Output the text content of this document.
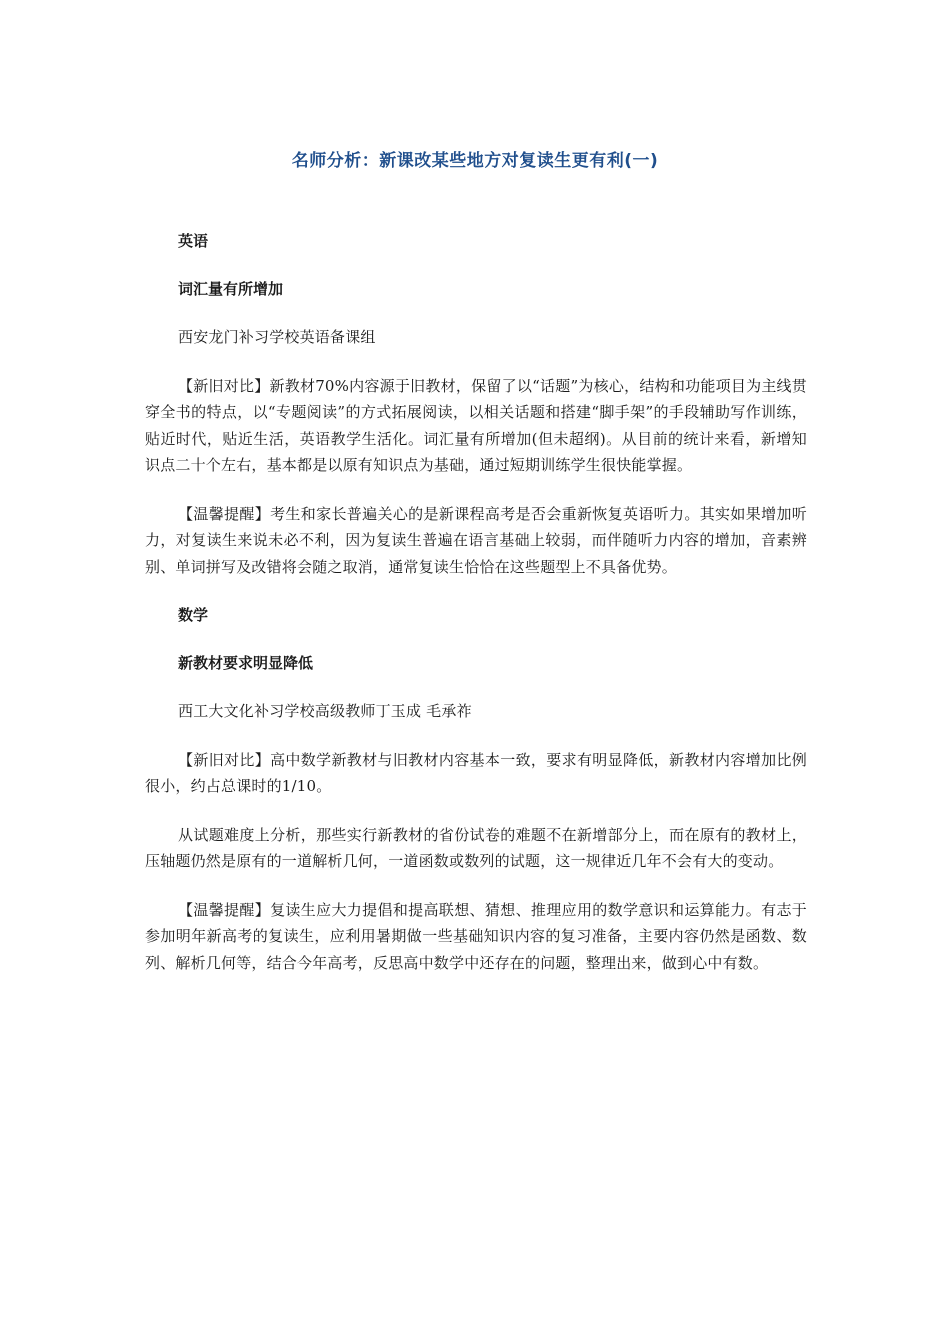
名师分析：新课改某些地方对复读生更有利(一)

英语

词汇量有所增加

西安龙门补习学校英语备课组

【新旧对比】新教材70%内容源于旧教材，保留了以“话题”为核心，结构和功能项目为主线贯穿全书的特点，以“专题阅读”的方式拓展阅读，以相关话题和搭建“脚手架”的手段辅助写作训练，贴近时代，贴近生活，英语教学生活化。词汇量有所增加(但未超纲)。从目前的统计来看，新增知识点二十个左右，基本都是以原有知识点为基础，通过短期训练学生很快能掌握。

【温馨提醒】考生和家长普遍关心的是新课程高考是否会重新恢复英语听力。其实如果增加听力，对复读生来说未必不利，因为复读生普遍在语言基础上较弱，而伴随听力内容的增加，音素辨别、单词拼写及改错将会随之取消，通常复读生恰恰在这些题型上不具备优势。

数学

新教材要求明显降低

西工大文化补习学校高级教师丁玉成 毛承祚

【新旧对比】高中数学新教材与旧教材内容基本一致，要求有明显降低，新教材内容增加比例很小，约占总课时的1/10。

从试题难度上分析，那些实行新教材的省份试卷的难题不在新增部分上，而在原有的教材上，压轴题仍然是原有的一道解析几何，一道函数或数列的试题，这一规律近几年不会有大的变动。

【温馨提醒】复读生应大力提倡和提高联想、猜想、推理应用的数学意识和运算能力。有志于参加明年新高考的复读生，应利用暑期做一些基础知识内容的复习准备，主要内容仍然是函数、数列、解析几何等，结合今年高考，反思高中数学中还存在的问题，整理出来，做到心中有数。
